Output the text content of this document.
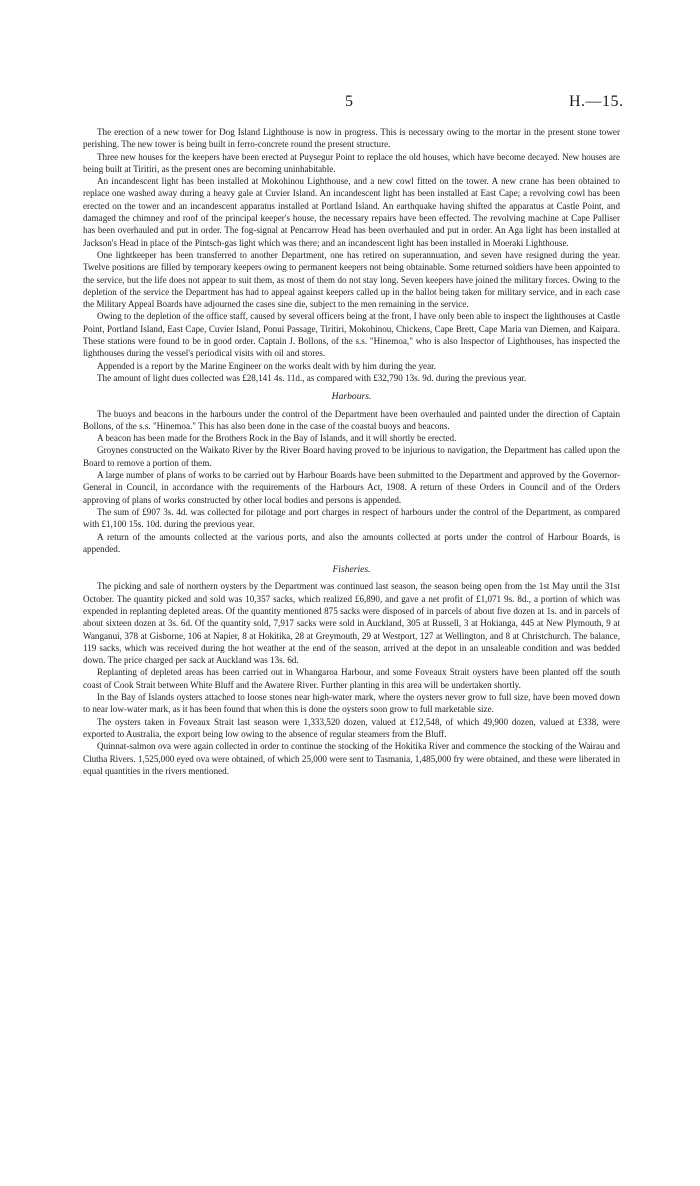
5	H.—15.

The erection of a new tower for Dog Island Lighthouse is now in progress. This is necessary owing to the mortar in the present stone tower perishing. The new tower is being built in ferro-concrete round the present structure.

Three new houses for the keepers have been erected at Puysegur Point to replace the old houses, which have become decayed. New houses are being built at Tiritiri, as the present ones are becoming uninhabitable.

An incandescent light has been installed at Mokohinou Lighthouse, and a new cowl fitted on the tower. A new crane has been obtained to replace one washed away during a heavy gale at Cuvier Island. An incandescent light has been installed at East Cape; a revolving cowl has been erected on the tower and an incandescent apparatus installed at Portland Island. An earthquake having shifted the apparatus at Castle Point, and damaged the chimney and roof of the principal keeper's house, the necessary repairs have been effected. The revolving machine at Cape Palliser has been overhauled and put in order. The fog-signal at Pencarrow Head has been overhauled and put in order. An Aga light has been installed at Jackson's Head in place of the Pintsch-gas light which was there; and an incandescent light has been installed in Moeraki Lighthouse.

One lightkeeper has been transferred to another Department, one has retired on superannuation, and seven have resigned during the year. Twelve positions are filled by temporary keepers owing to permanent keepers not being obtainable. Some returned soldiers have been appointed to the service, but the life does not appear to suit them, as most of them do not stay long. Seven keepers have joined the military forces. Owing to the depletion of the service the Department has had to appeal against keepers called up in the ballot being taken for military service, and in each case the Military Appeal Boards have adjourned the cases sine die, subject to the men remaining in the service.

Owing to the depletion of the office staff, caused by several officers being at the front, I have only been able to inspect the lighthouses at Castle Point, Portland Island, East Cape, Cuvier Island, Ponui Passage, Tiritiri, Mokohinou, Chickens, Cape Brett, Cape Maria van Diemen, and Kaipara. These stations were found to be in good order. Captain J. Bollons, of the s.s. "Hinemoa," who is also Inspector of Lighthouses, has inspected the lighthouses during the vessel's periodical visits with oil and stores.

Appended is a report by the Marine Engineer on the works dealt with by him during the year.

The amount of light dues collected was £28,141 4s. 11d., as compared with £32,790 13s. 9d. during the previous year.

Harbours.

The buoys and beacons in the harbours under the control of the Department have been overhauled and painted under the direction of Captain Bollons, of the s.s. "Hinemoa." This has also been done in the case of the coastal buoys and beacons.

A beacon has been made for the Brothers Rock in the Bay of Islands, and it will shortly be erected.

Groynes constructed on the Waikato River by the River Board having proved to be injurious to navigation, the Department has called upon the Board to remove a portion of them.

A large number of plans of works to be carried out by Harbour Boards have been submitted to the Department and approved by the Governor-General in Council, in accordance with the requirements of the Harbours Act, 1908. A return of these Orders in Council and of the Orders approving of plans of works constructed by other local bodies and persons is appended.

The sum of £907 3s. 4d. was collected for pilotage and port charges in respect of harbours under the control of the Department, as compared with £1,100 15s. 10d. during the previous year.

A return of the amounts collected at the various ports, and also the amounts collected at ports under the control of Harbour Boards, is appended.

Fisheries.

The picking and sale of northern oysters by the Department was continued last season, the season being open from the 1st May until the 31st October. The quantity picked and sold was 10,357 sacks, which realized £6,890, and gave a net profit of £1,071 9s. 8d., a portion of which was expended in replanting depleted areas. Of the quantity mentioned 875 sacks were disposed of in parcels of about five dozen at 1s. and in parcels of about sixteen dozen at 3s. 6d. Of the quantity sold, 7,917 sacks were sold in Auckland, 305 at Russell, 3 at Hokianga, 445 at New Plymouth, 9 at Wanganui, 378 at Gisborne, 106 at Napier, 8 at Hokitika, 28 at Greymouth, 29 at Westport, 127 at Wellington, and 8 at Christchurch. The balance, 119 sacks, which was received during the hot weather at the end of the season, arrived at the depot in an unsaleable condition and was bedded down. The price charged per sack at Auckland was 13s. 6d.

Replanting of depleted areas has been carried out in Whangaroa Harbour, and some Foveaux Strait oysters have been planted off the south coast of Cook Strait between White Bluff and the Awatere River. Further planting in this area will be undertaken shortly.

In the Bay of Islands oysters attached to loose stones near high-water mark, where the oysters never grow to full size, have been moved down to near low-water mark, as it has been found that when this is done the oysters soon grow to full marketable size.

The oysters taken in Foveaux Strait last season were 1,333,520 dozen, valued at £12,548, of which 49,900 dozen, valued at £338, were exported to Australia, the export being low owing to the absence of regular steamers from the Bluff.

Quinnat-salmon ova were again collected in order to continue the stocking of the Hokitika River and commence the stocking of the Wairau and Clutha Rivers. 1,525,000 eyed ova were obtained, of which 25,000 were sent to Tasmania, 1,485,000 fry were obtained, and these were liberated in equal quantities in the rivers mentioned.
